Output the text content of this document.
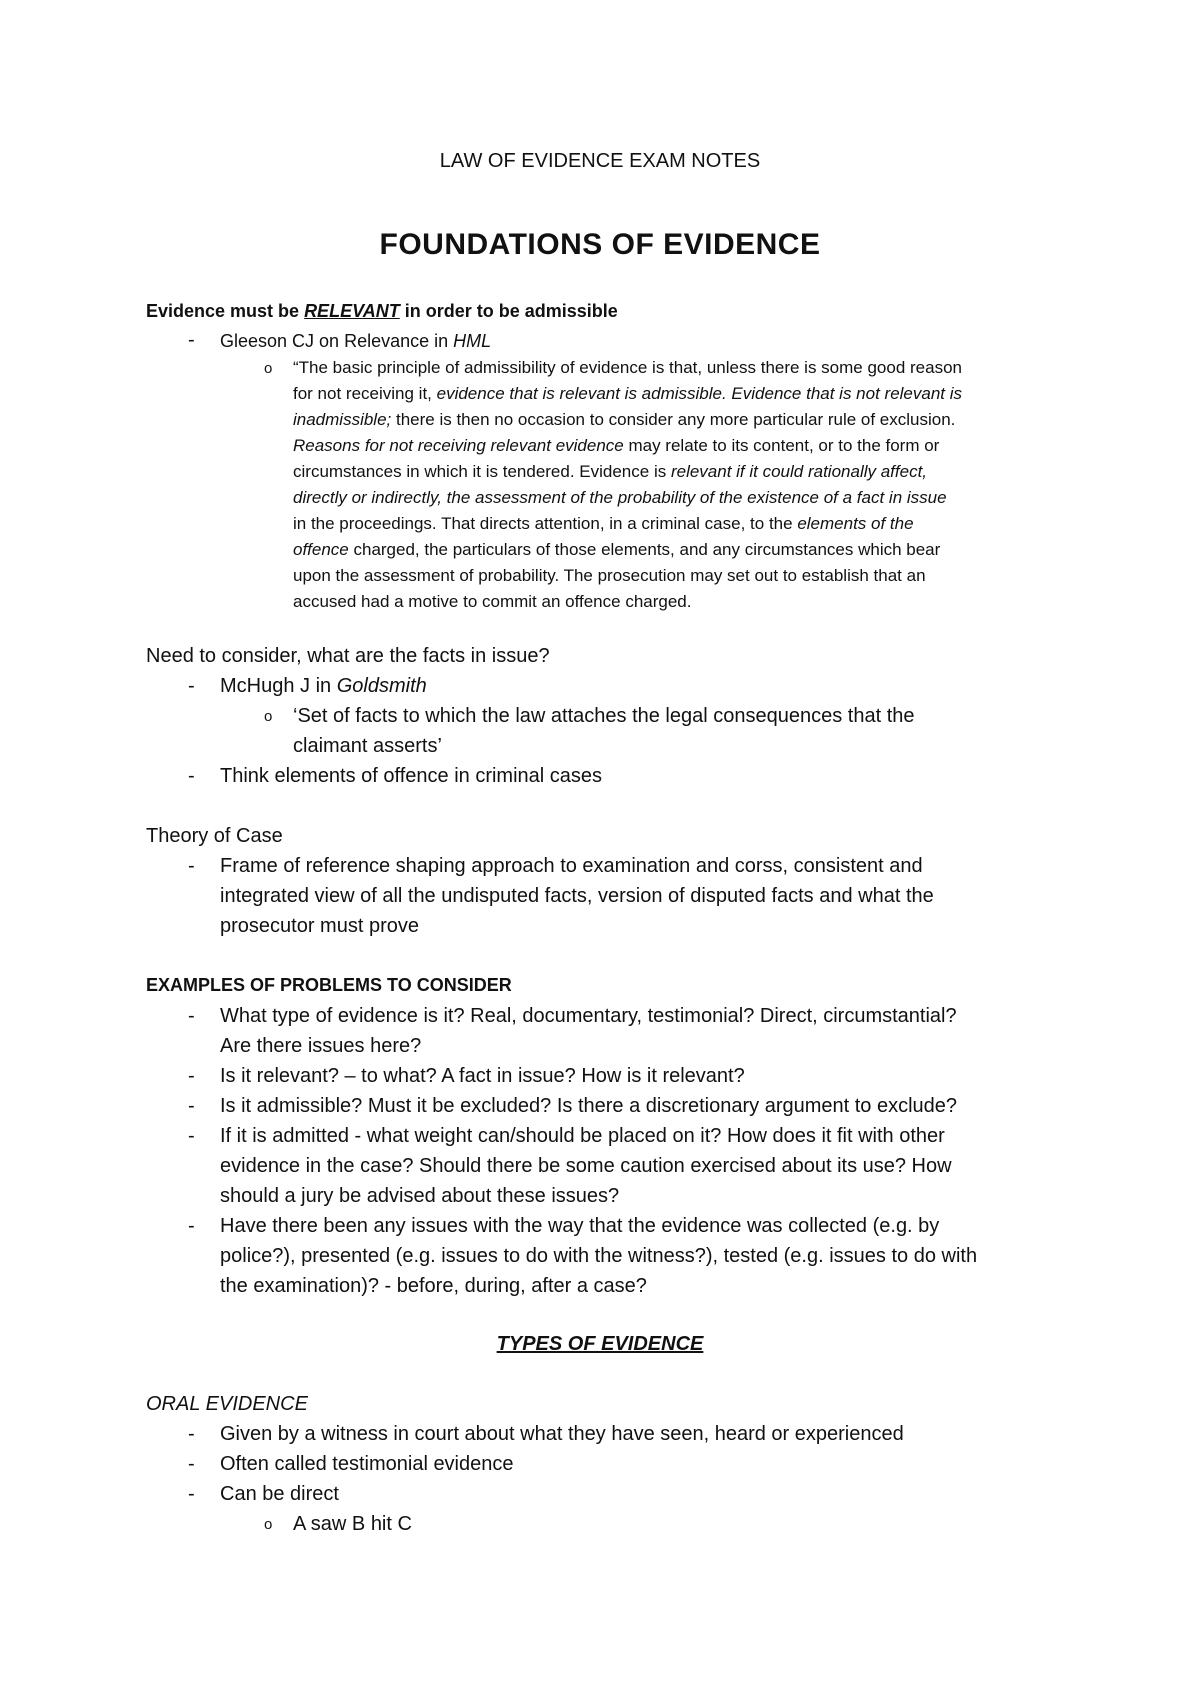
LAW OF EVIDENCE EXAM NOTES
FOUNDATIONS OF EVIDENCE
Evidence must be RELEVANT in order to be admissible
- Gleeson CJ on Relevance in HML
o “The basic principle of admissibility of evidence is that, unless there is some good reason
for not receiving it, evidence that is relevant is admissible. Evidence that is not relevant is
inadmissible; there is then no occasion to consider any more particular rule of exclusion.
Reasons for not receiving relevant evidence may relate to its content, or to the form or
circumstances in which it is tendered. Evidence is relevant if it could rationally affect,
directly or indirectly, the assessment of the probability of the existence of a fact in issue
in the proceedings. That directs attention, in a criminal case, to the elements of the
offence charged, the particulars of those elements, and any circumstances which bear
upon the assessment of probability. The prosecution may set out to establish that an
accused had a motive to commit an offence charged.
Need to consider, what are the facts in issue?
- McHugh J in Goldsmith
o ‘Set of facts to which the law attaches the legal consequences that the
claimant asserts’
- Think elements of offence in criminal cases
Theory of Case
- Frame of reference shaping approach to examination and corss, consistent and
integrated view of all the undisputed facts, version of disputed facts and what the
prosecutor must prove
EXAMPLES OF PROBLEMS TO CONSIDER
- What type of evidence is it? Real, documentary, testimonial? Direct, circumstantial?
Are there issues here?
- Is it relevant? – to what? A fact in issue? How is it relevant?
- Is it admissible? Must it be excluded? Is there a discretionary argument to exclude?
- If it is admitted - what weight can/should be placed on it? How does it fit with other
evidence in the case? Should there be some caution exercised about its use? How
should a jury be advised about these issues?
- Have there been any issues with the way that the evidence was collected (e.g. by
police?), presented (e.g. issues to do with the witness?), tested (e.g. issues to do with
the examination)? - before, during, after a case?
TYPES OF EVIDENCE
ORAL EVIDENCE
- Given by a witness in court about what they have seen, heard or experienced
- Often called testimonial evidence
- Can be direct
o A saw B hit C
